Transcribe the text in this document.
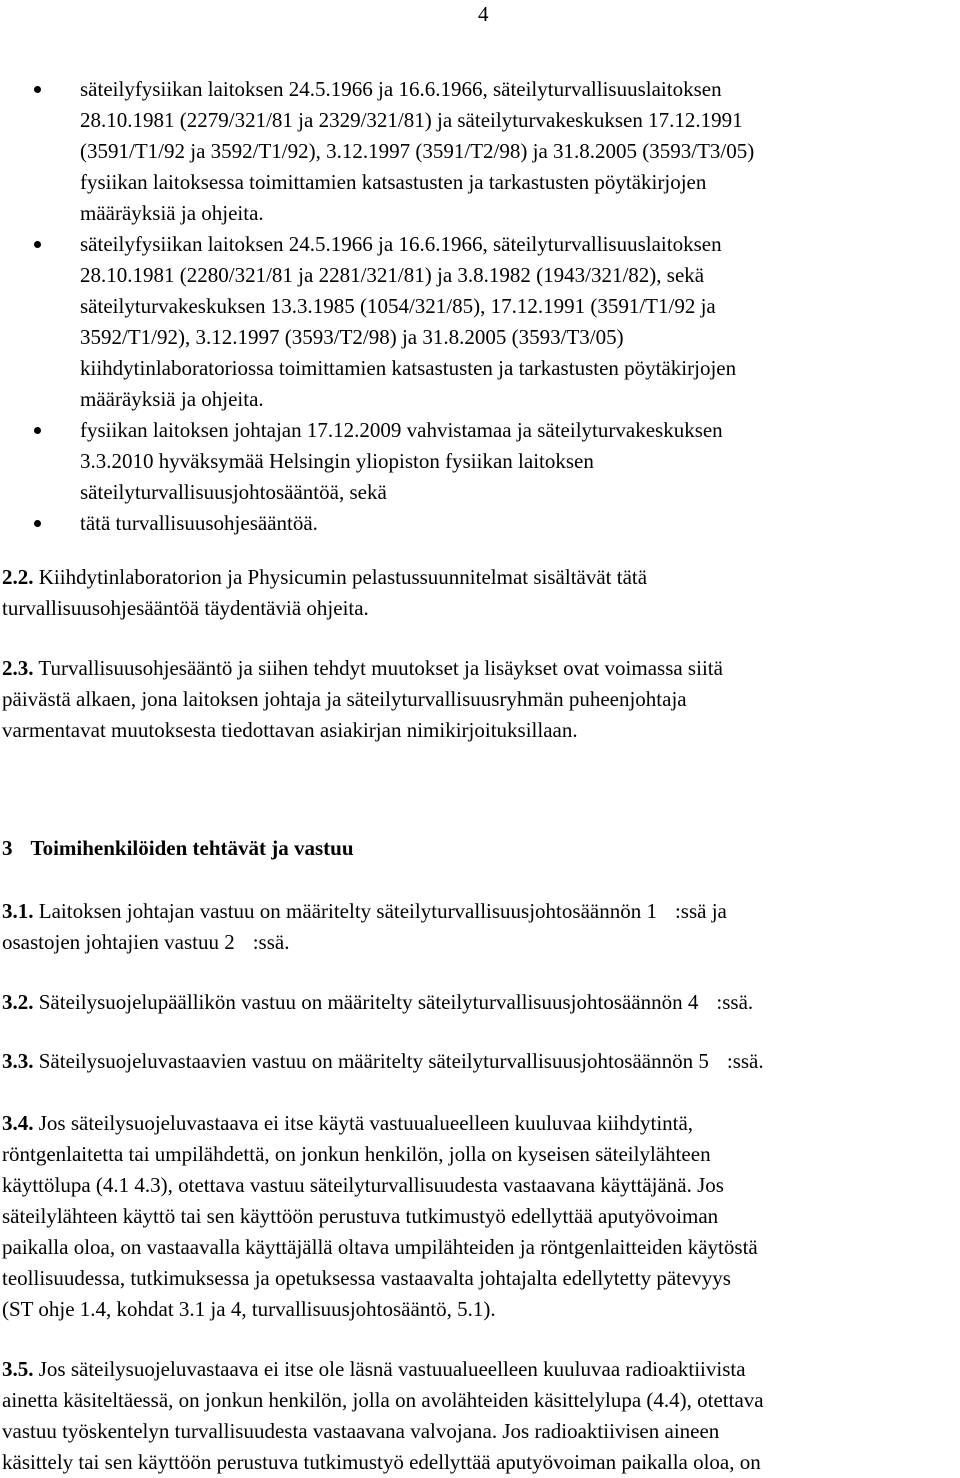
4
säteilyfysiikan laitoksen 24.5.1966 ja 16.6.1966, säteilyturvallisuuslaitoksen
28.10.1981 (2279/321/81 ja 2329/321/81) ja säteilyturvakeskuksen 17.12.1991
(3591/T1/92 ja 3592/T1/92), 3.12.1997 (3591/T2/98) ja 31.8.2005 (3593/T3/05)
fysiikan laitoksessa toimittamien katsastusten ja tarkastusten pöytäkirjojen
määräyksiä ja ohjeita.
säteilyfysiikan laitoksen 24.5.1966 ja 16.6.1966, säteilyturvallisuuslaitoksen
28.10.1981 (2280/321/81 ja 2281/321/81) ja 3.8.1982 (1943/321/82), sekä
säteilyturvakeskuksen 13.3.1985 (1054/321/85), 17.12.1991 (3591/T1/92 ja
3592/T1/92), 3.12.1997 (3593/T2/98) ja 31.8.2005 (3593/T3/05)
kiihdytinlaboratoriossa toimittamien katsastusten ja tarkastusten pöytäkirjojen
määräyksiä ja ohjeita.
fysiikan laitoksen johtajan 17.12.2009 vahvistamaa ja säteilyturvakeskuksen
3.3.2010 hyväksymää Helsingin yliopiston fysiikan laitoksen
säteilyturvallisuusjohtosääntöä, sekä
tätä turvallisuusohjesääntöä.
2.2. Kiihdytinlaboratorion ja Physicumin pelastussuunnitelmat sisältävät tätä
turvallisuusohjesääntöä täydentäviä ohjeita.
2.3. Turvallisuusohjesääntö ja siihen tehdyt muutokset ja lisäykset ovat voimassa siitä
päivästä alkaen, jona laitoksen johtaja ja säteilyturvallisuusryhmän puheenjohtaja
varmentavat muutoksesta tiedottavan asiakirjan nimikirjoituksillaan.
3 Toimihenkilöiden tehtävät ja vastuu
3.1. Laitoksen johtajan vastuu on määritelty säteilyturvallisuusjohtosäännön 1 :ssä ja
osastojen johtajien vastuu 2 :ssä.
3.2. Säteilysuojelupäällikön vastuu on määritelty säteilyturvallisuusjohtosäännön 4 :ssä.
3.3. Säteilysuojeluvastaavien vastuu on määritelty säteilyturvallisuusjohtosäännön 5 :ssä.
3.4. Jos säteilysuojeluvastaava ei itse käytä vastuualueelleen kuuluvaa kiihdytintä,
röntgenlaitetta tai umpilähdettä, on jonkun henkilön, jolla on kyseisen säteilylähteen
käyttölupa (4.1 4.3), otettava vastuu säteilyturvallisuudesta vastaavana käyttäjänä. Jos
säteilylähteen käyttö tai sen käyttöön perustuva tutkimustyö edellyttää aputyövoiman
paikalla oloa, on vastaavalla käyttäjällä oltava umpilähteiden ja röntgenlaitteiden käytöstä
teollisuudessa, tutkimuksessa ja opetuksessa vastaavalta johtajalta edellytetty pätevyys
(ST ohje 1.4, kohdat 3.1 ja 4, turvallisuusjohtosääntö, 5.1).
3.5. Jos säteilysuojeluvastaava ei itse ole läsnä vastuualueelleen kuuluvaa radioaktiivista
ainetta käsiteltäessä, on jonkun henkilön, jolla on avolähteiden käsittelylupa (4.4), otettava
vastuu työskentelyn turvallisuudesta vastaavana valvojana. Jos radioaktiivisen aineen
käsittely tai sen käyttöön perustuva tutkimustyö edellyttää aputyövoiman paikalla oloa, on
